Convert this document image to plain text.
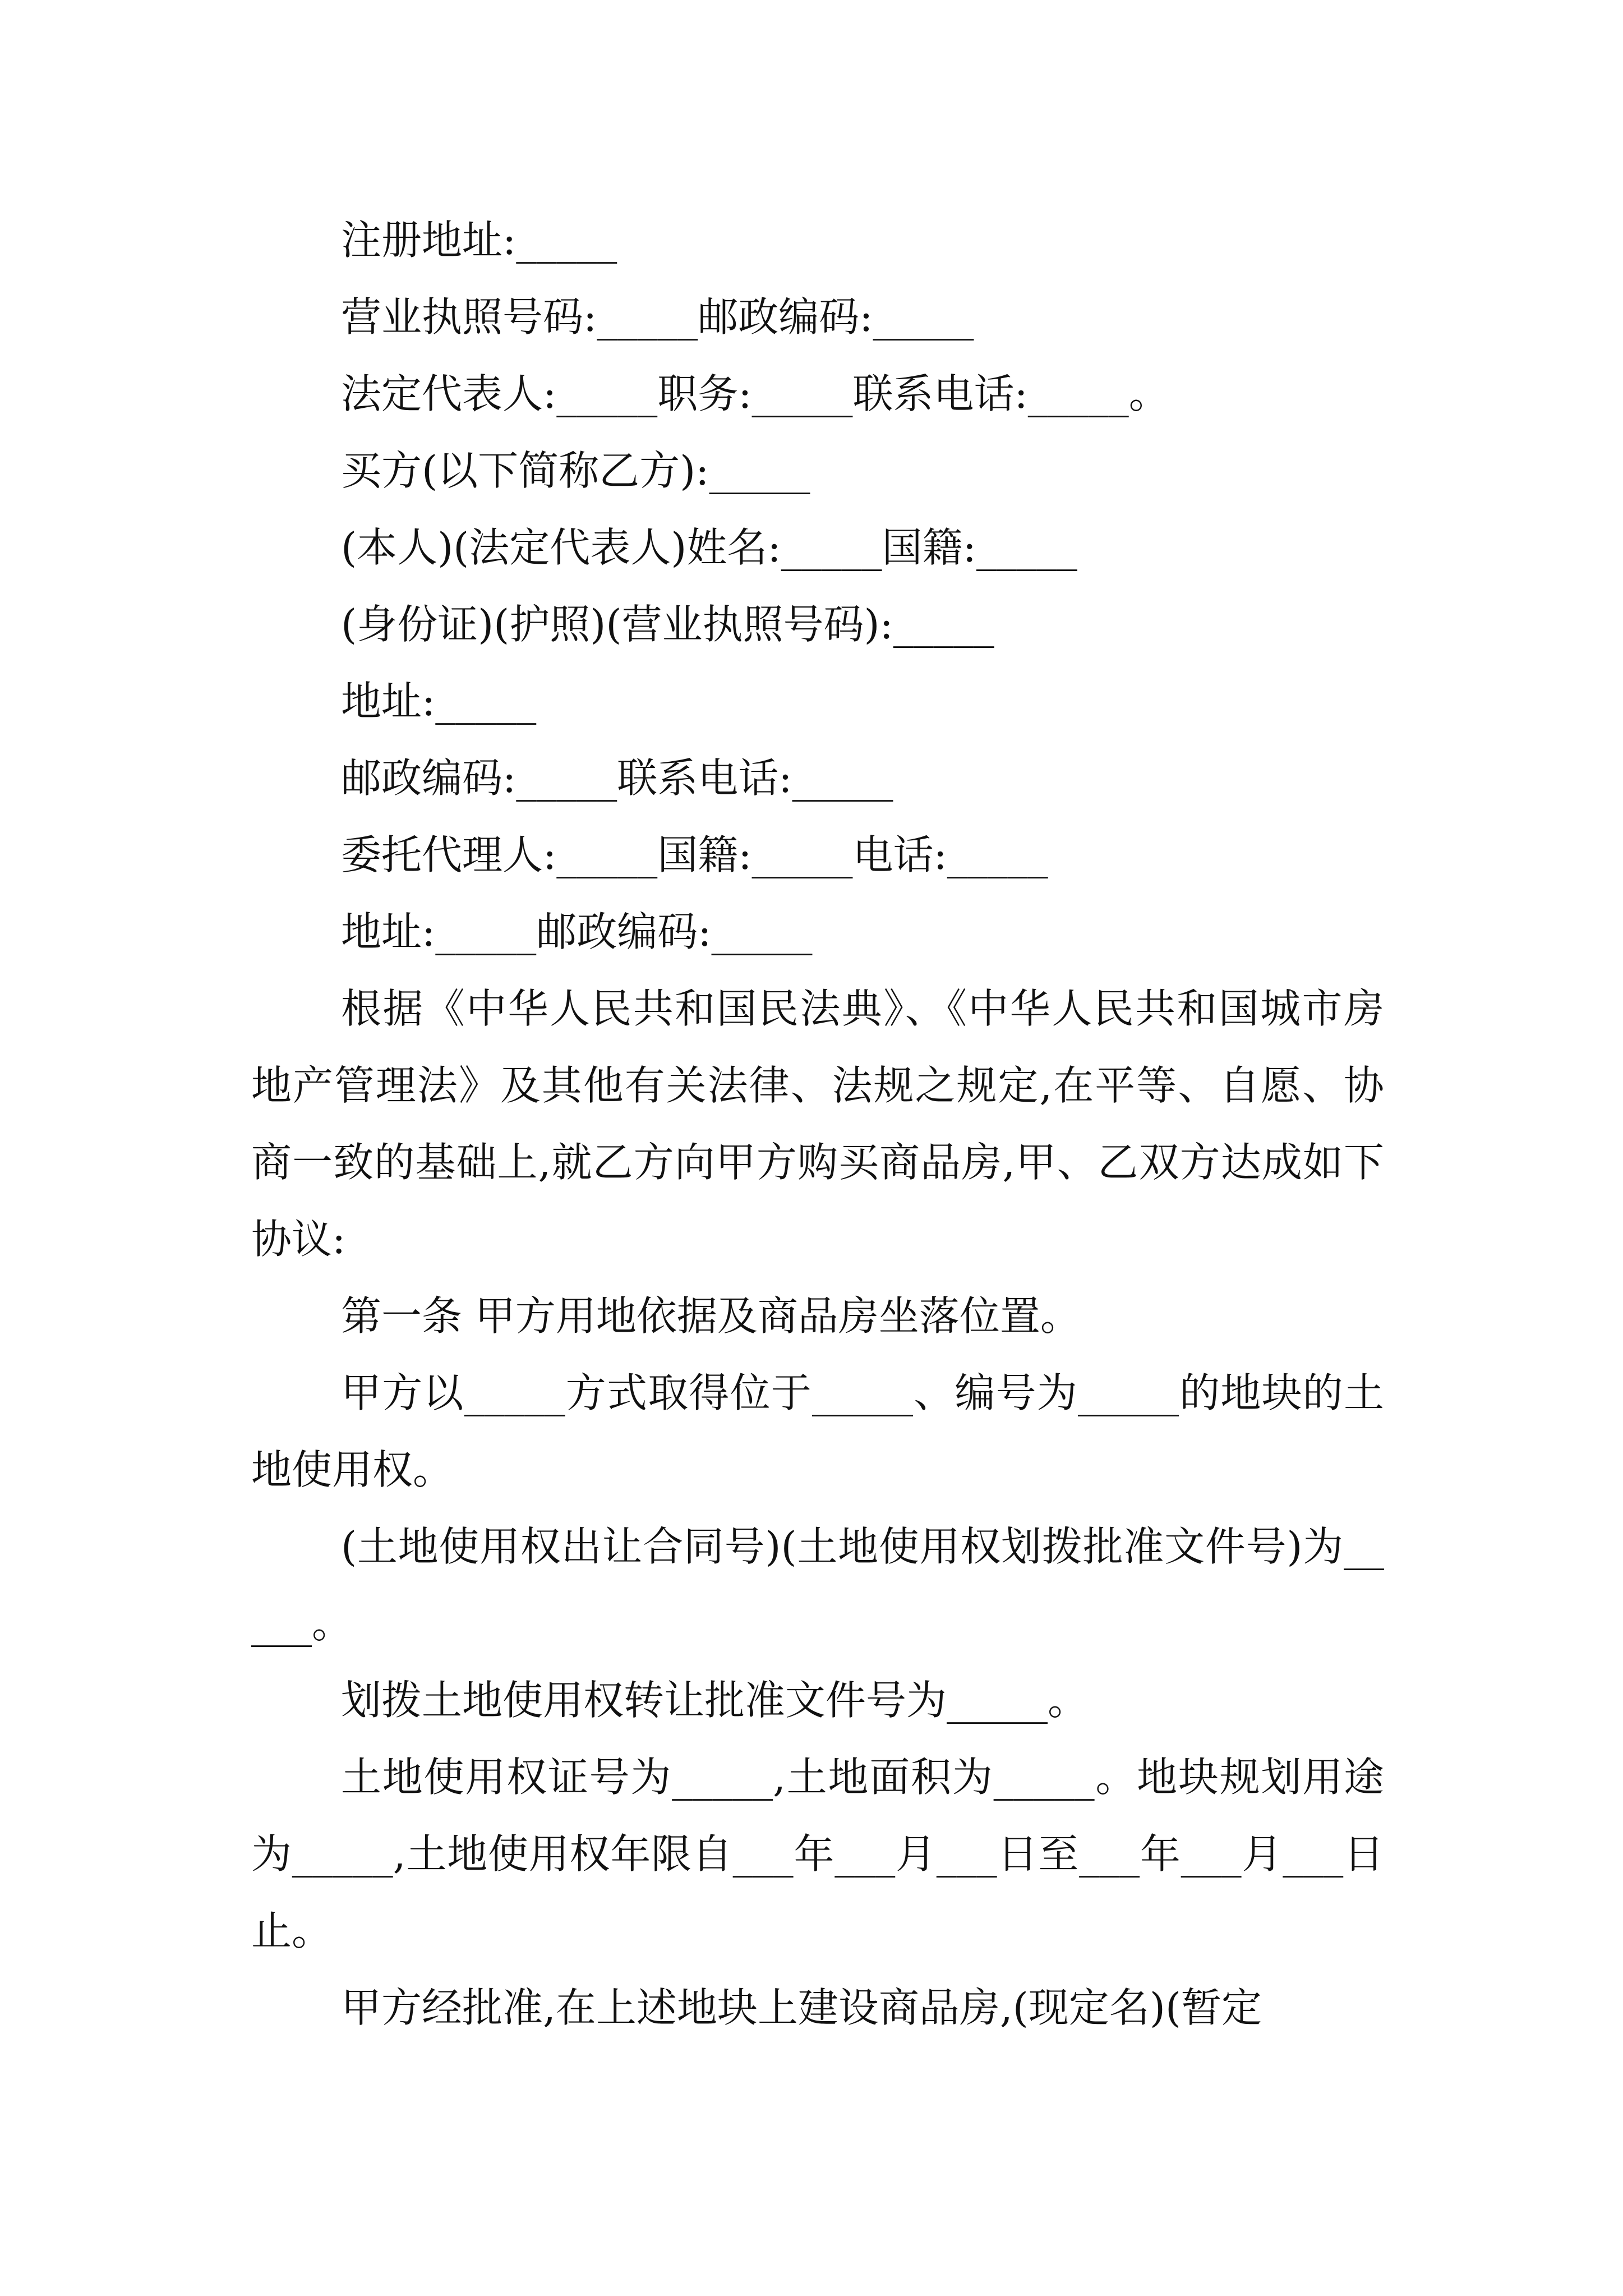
注册地址:_____

营业执照号码:_____邮政编码:_____

法定代表人:_____职务:_____联系电话:_____。

买方(以下简称乙方):_____

(本人)(法定代表人)姓名:_____国籍:_____

(身份证)(护照)(营业执照号码):_____

地址:_____

邮政编码:_____联系电话:_____

委托代理人:_____国籍:_____电话:_____

地址:_____邮政编码:_____

根据《中华人民共和国民法典》、《中华人民共和国城市房地产管理法》及其他有关法律、法规之规定,在平等、自愿、协商一致的基础上,就乙方向甲方购买商品房,甲、乙双方达成如下协议:

第一条 甲方用地依据及商品房坐落位置。

甲方以_____方式取得位于_____、编号为_____的地块的土地使用权。

(土地使用权出让合同号)(土地使用权划拨批准文件号)为_____。

划拨土地使用权转让批准文件号为_____。

土地使用权证号为_____,土地面积为_____。地块规划用途为_____,土地使用权年限自___年___月___日至___年___月___日止。

甲方经批准,在上述地块上建设商品房,(现定名)(暂定
